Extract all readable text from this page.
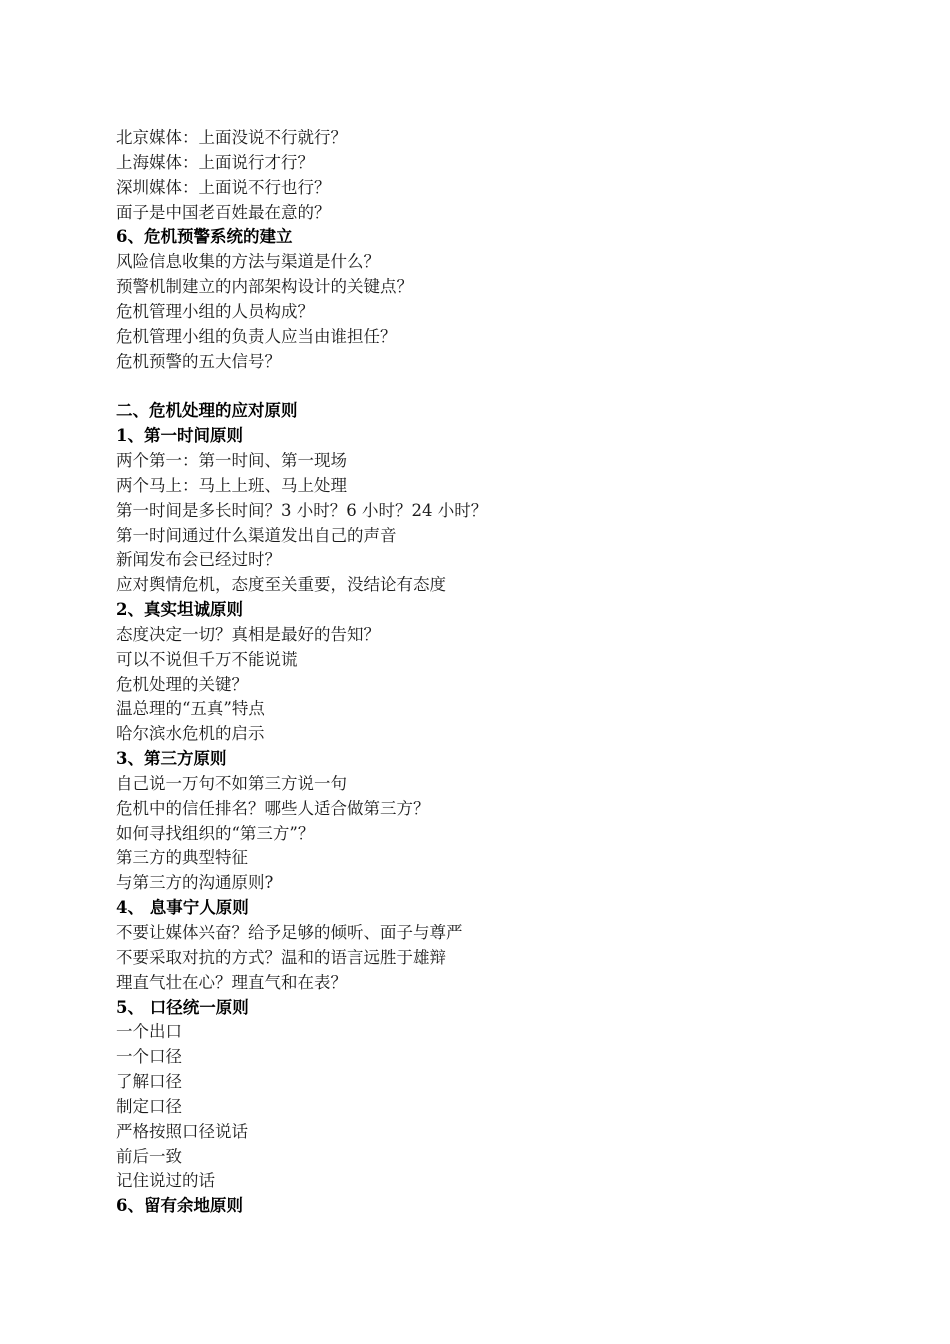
北京媒体：上面没说不行就行？
上海媒体：上面说行才行？
深圳媒体：上面说不行也行？
面子是中国老百姓最在意的？
6、危机预警系统的建立
风险信息收集的方法与渠道是什么？
预警机制建立的内部架构设计的关键点？
危机管理小组的人员构成？
危机管理小组的负责人应当由谁担任？
危机预警的五大信号？
二、危机处理的应对原则
1、第一时间原则
两个第一：第一时间、第一现场
两个马上：马上上班、马上处理
第一时间是多长时间？3 小时？6 小时？24 小时？
第一时间通过什么渠道发出自己的声音
新闻发布会已经过时？
应对舆情危机，态度至关重要，没结论有态度
2、真实坦诚原则
态度决定一切？真相是最好的告知？
可以不说但千万不能说谎
危机处理的关键？
温总理的“五真”特点
哈尔滨水危机的启示
3、第三方原则
自己说一万句不如第三方说一句
危机中的信任排名？哪些人适合做第三方？
如何寻找组织的“第三方”？
第三方的典型特征
与第三方的沟通原则?
4、 息事宁人原则
不要让媒体兴奋？给予足够的倾听、面子与尊严
不要采取对抗的方式？温和的语言远胜于雄辩
理直气壮在心？理直气和在表？
5、 口径统一原则
一个出口
一个口径
了解口径
制定口径
严格按照口径说话
前后一致
记住说过的话
6、留有余地原则
